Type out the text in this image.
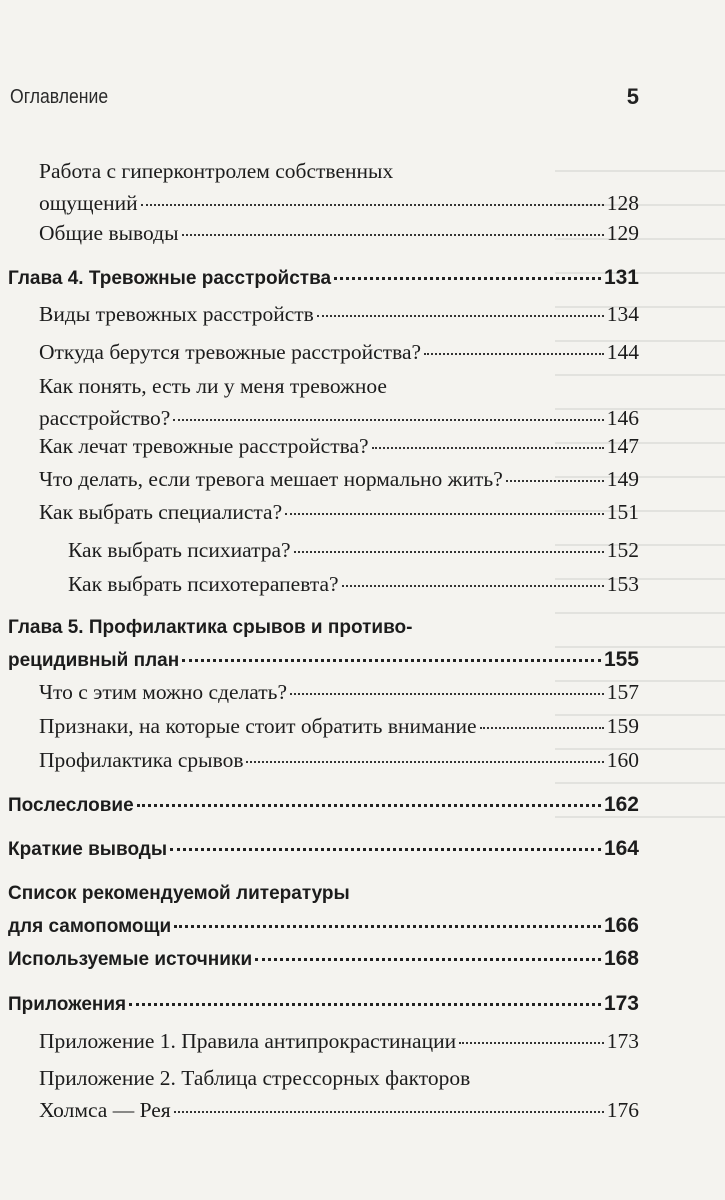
Оглавление	5
Работа с гиперконтролем собственных
ощущений	128
Общие выводы	129
Глава 4. Тревожные расстройства	131
Виды тревожных расстройств	134
Откуда берутся тревожные расстройства?	144
Как понять, есть ли у меня тревожное
расстройство?	146
Как лечат тревожные расстройства?	147
Что делать, если тревога мешает нормально жить?	149
Как выбрать специалиста?	151
Как выбрать психиатра?	152
Как выбрать психотерапевта?	153
Глава 5. Профилактика срывов и противо-
рецидивный план	155
Что с этим можно сделать?	157
Признаки, на которые стоит обратить внимание	159
Профилактика срывов	160
Послесловие	162
Краткие выводы	164
Список рекомендуемой литературы
для самопомощи	166
Используемые источники	168
Приложения	173
Приложение 1. Правила антипрокрастинации	173
Приложение 2. Таблица стрессорных факторов
Холмса — Рея	176
